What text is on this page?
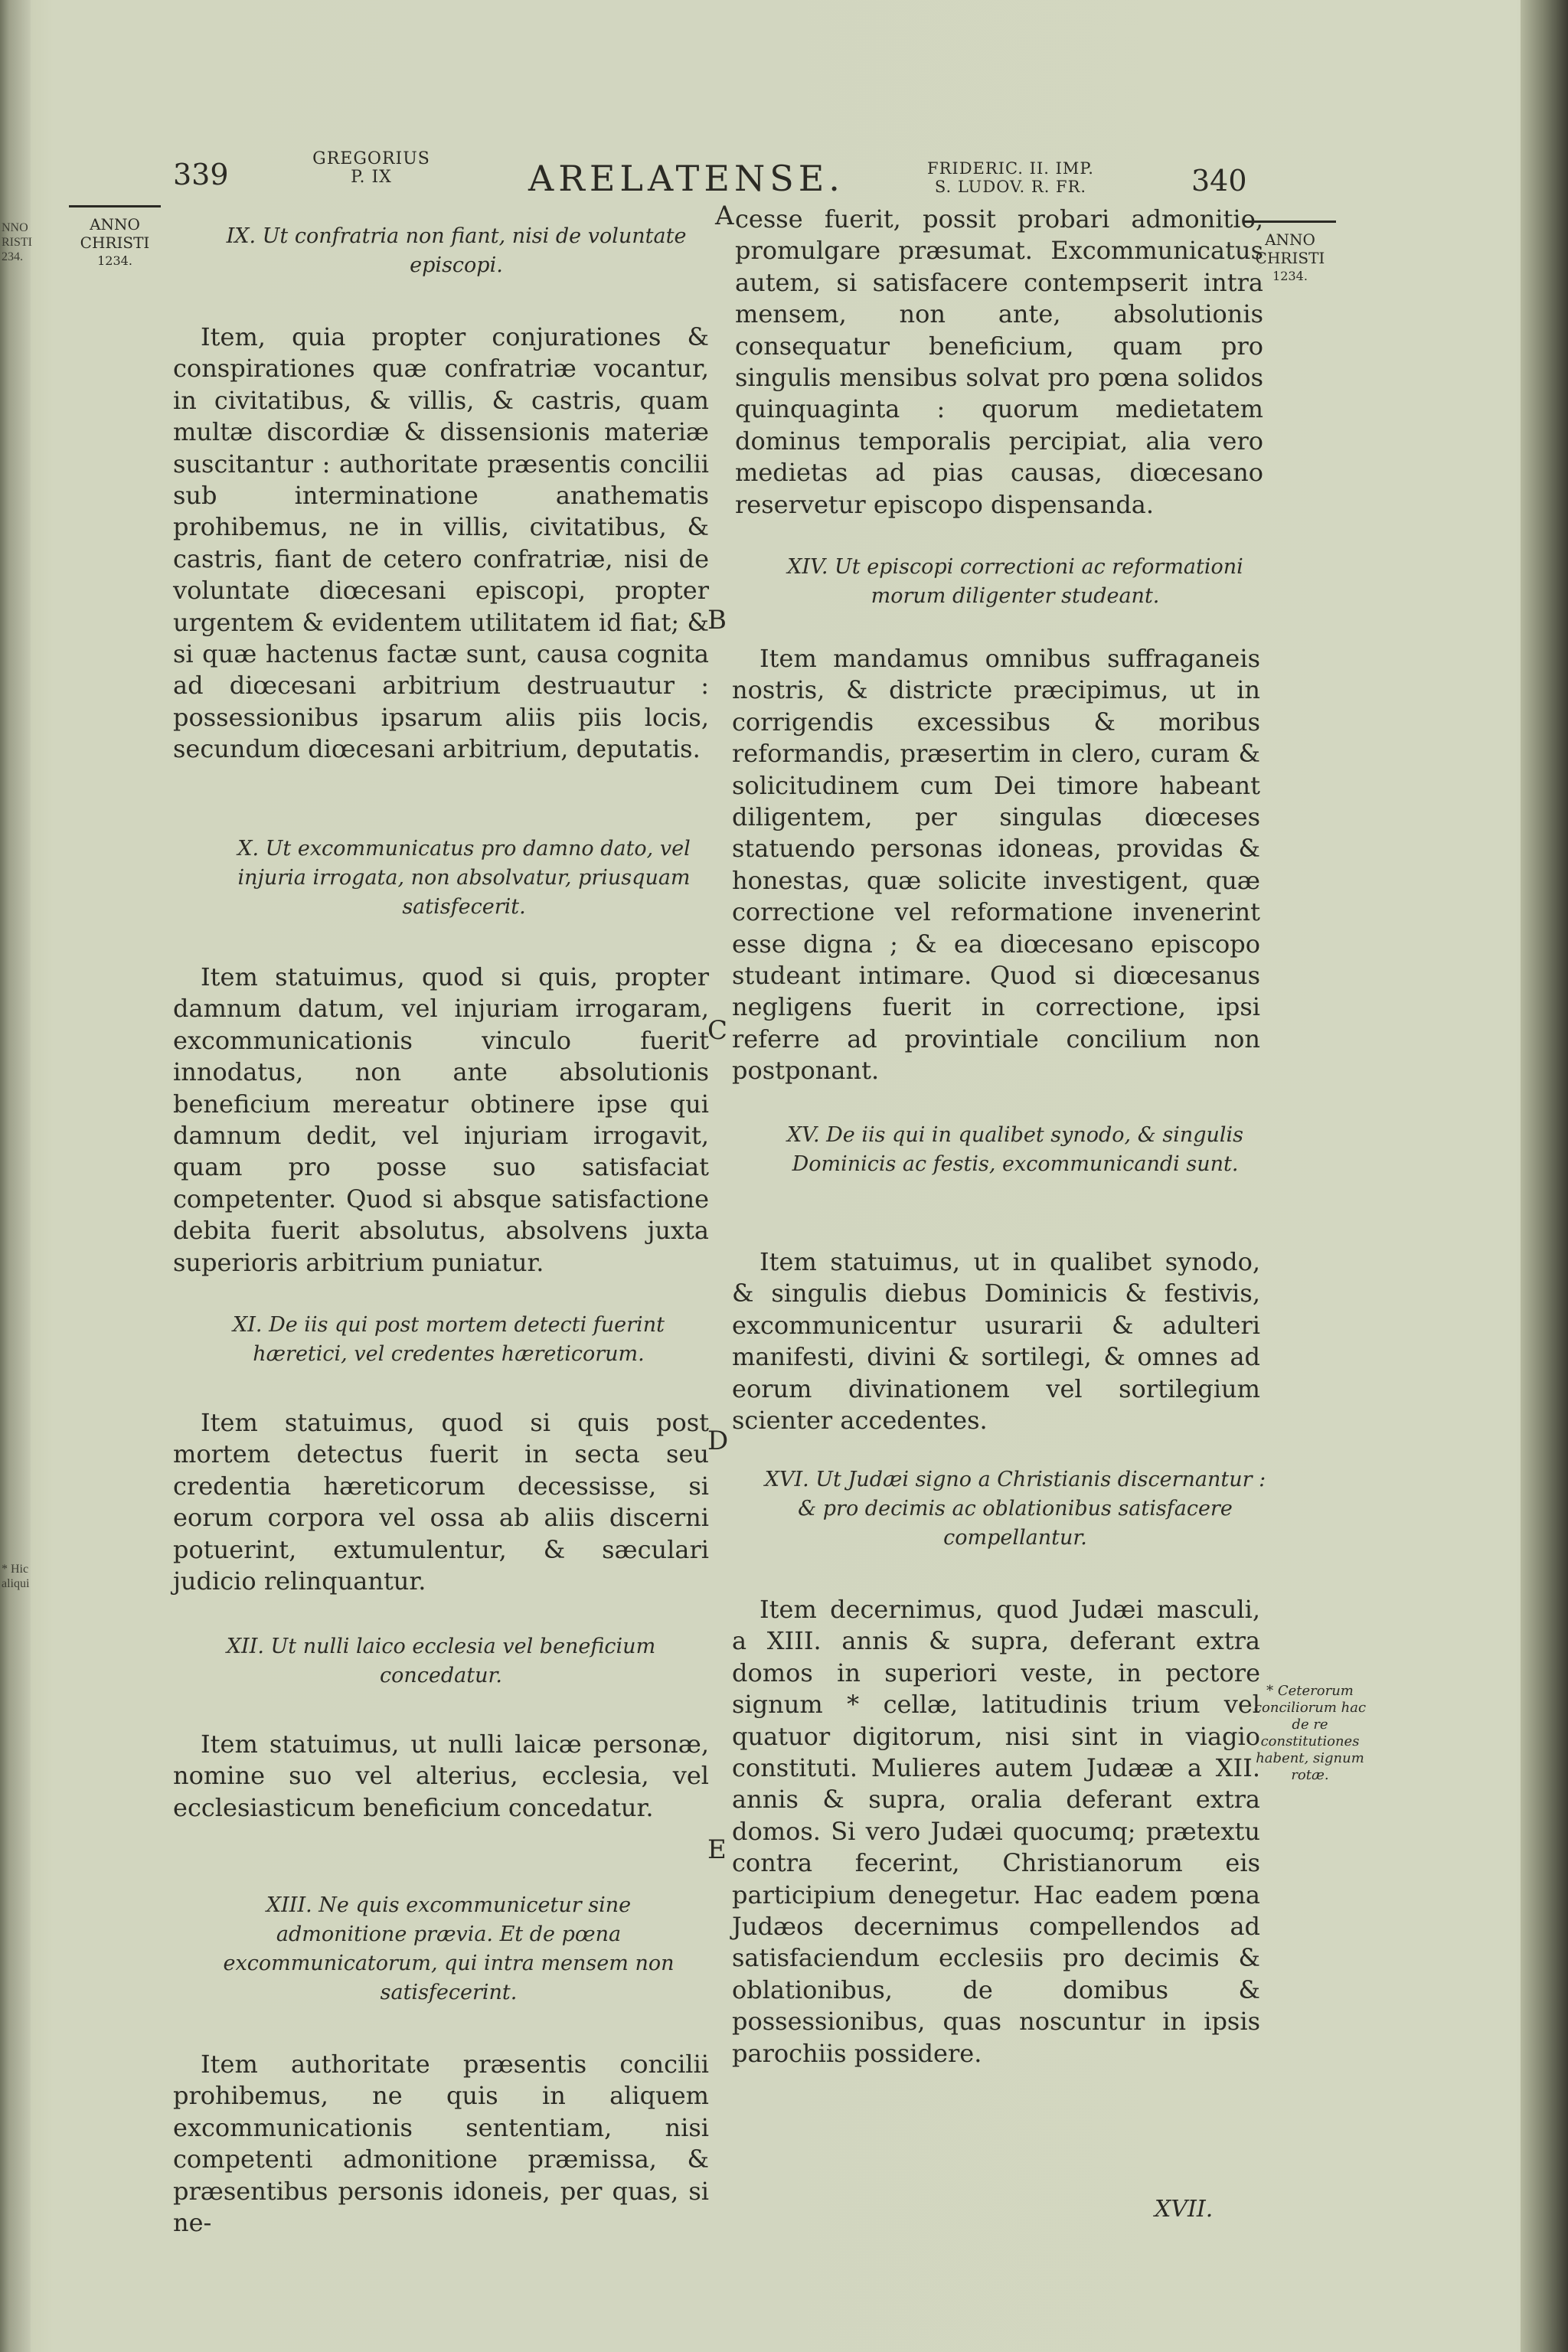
NNO
RISTI
234.
* Hic
aliqui
339	GREGORIUS
P. IX	ARELATENSE.	FRIDERIC. II. IMP.
S. LUDOV. R. FR.	340
ANNO
CHRISTI
1234.
ANNO
CHRISTI
1234.
A
B
C
D
E
IX. Ut confratria non fiant, nisi de voluntate episcopi.

Item, quia propter conjurationes & conspirationes quæ confratriæ vocantur, in civitatibus, & villis, & castris, quam multæ discordiæ & dissensionis materiæ suscitantur : authoritate præsentis concilii sub interminatione anathematis prohibemus, ne in villis, civitatibus, & castris, fiant de cetero confratriæ, nisi de voluntate diœcesani episcopi, propter urgentem & evidentem utilitatem id fiat; & si quæ hactenus factæ sunt, causa cognita ad diœcesani arbitrium destruautur : possessionibus ipsarum aliis piis locis, secundum diœcesani arbitrium, deputatis.

X. Ut excommunicatus pro damno dato, vel injuria irrogata, non absolvatur, priusquam satisfecerit.

Item statuimus, quod si quis, propter damnum datum, vel injuriam irrogaram, excommunicationis vinculo fuerit innodatus, non ante absolutionis beneficium mereatur obtinere ipse qui damnum dedit, vel injuriam irrogavit, quam pro posse suo satisfaciat competenter. Quod si absque satisfactione debita fuerit absolutus, absolvens juxta superioris arbitrium puniatur.

XI. De iis qui post mortem detecti fuerint hæretici, vel credentes hæreticorum.

Item statuimus, quod si quis post mortem detectus fuerit in secta seu credentia hæreticorum decessisse, si eorum corpora vel ossa ab aliis discerni potuerint, extumulentur, & sæculari judicio relinquantur.

XII. Ut nulli laico ecclesia vel beneficium concedatur.

Item statuimus, ut nulli laicæ personæ, nomine suo vel alterius, ecclesia, vel ecclesiasticum beneficium concedatur.

XIII. Ne quis excommunicetur sine admonitione prævia. Et de pœna excommunicatorum, qui intra mensem non satisfecerint.

Item authoritate præsentis concilii prohibemus, ne quis in aliquem excommunicationis sententiam, nisi competenti admonitione præmissa, & præsentibus personis idoneis, per quas, si ne-

cesse fuerit, possit probari admonitio, promulgare præsumat. Excommunicatus autem, si satisfacere contempserit intra mensem, non ante, absolutionis consequatur beneficium, quam pro singulis mensibus solvat pro pœna solidos quinquaginta : quorum medietatem dominus temporalis percipiat, alia vero medietas ad pias causas, diœcesano reservetur episcopo dispensanda.

XIV. Ut episcopi correctioni ac reformationi morum diligenter studeant.

Item mandamus omnibus suffraganeis nostris, & districte præcipimus, ut in corrigendis excessibus & moribus reformandis, præsertim in clero, curam & solicitudinem cum Dei timore habeant diligentem, per singulas diœceses statuendo personas idoneas, providas & honestas, quæ solicite investigent, quæ correctione vel reformatione invenerint esse digna ; & ea diœcesano episcopo studeant intimare. Quod si diœcesanus negligens fuerit in correctione, ipsi referre ad provintiale concilium non postponant.

XV. De iis qui in qualibet synodo, & singulis Dominicis ac festis, excommunicandi sunt.

Item statuimus, ut in qualibet synodo, & singulis diebus Dominicis & festivis, excommunicentur usurarii & adulteri manifesti, divini & sortilegi, & omnes ad eorum divinationem vel sortilegium scienter accedentes.

XVI. Ut Judæi signo a Christianis discernantur : & pro decimis ac oblationibus satisfacere compellantur.

Item decernimus, quod Judæi masculi, a XIII. annis & supra, deferant extra domos in superiori veste, in pectore signum * cellæ, latitudinis trium vel quatuor digitorum, nisi sint in viagio constituti. Mulieres autem Judææ a XII. annis & supra, oralia deferant extra domos. Si vero Judæi quocumq; prætextu contra fecerint, Christianorum eis participium denegetur. Hac eadem pœna Judæos decernimus compellendos ad satisfaciendum ecclesiis pro decimis & oblationibus, de domibus & possessionibus, quas noscuntur in ipsis parochiis possidere.

* Ceterorum conciliorum hac de re constitutiones habent, signum rotæ.
XVII.
